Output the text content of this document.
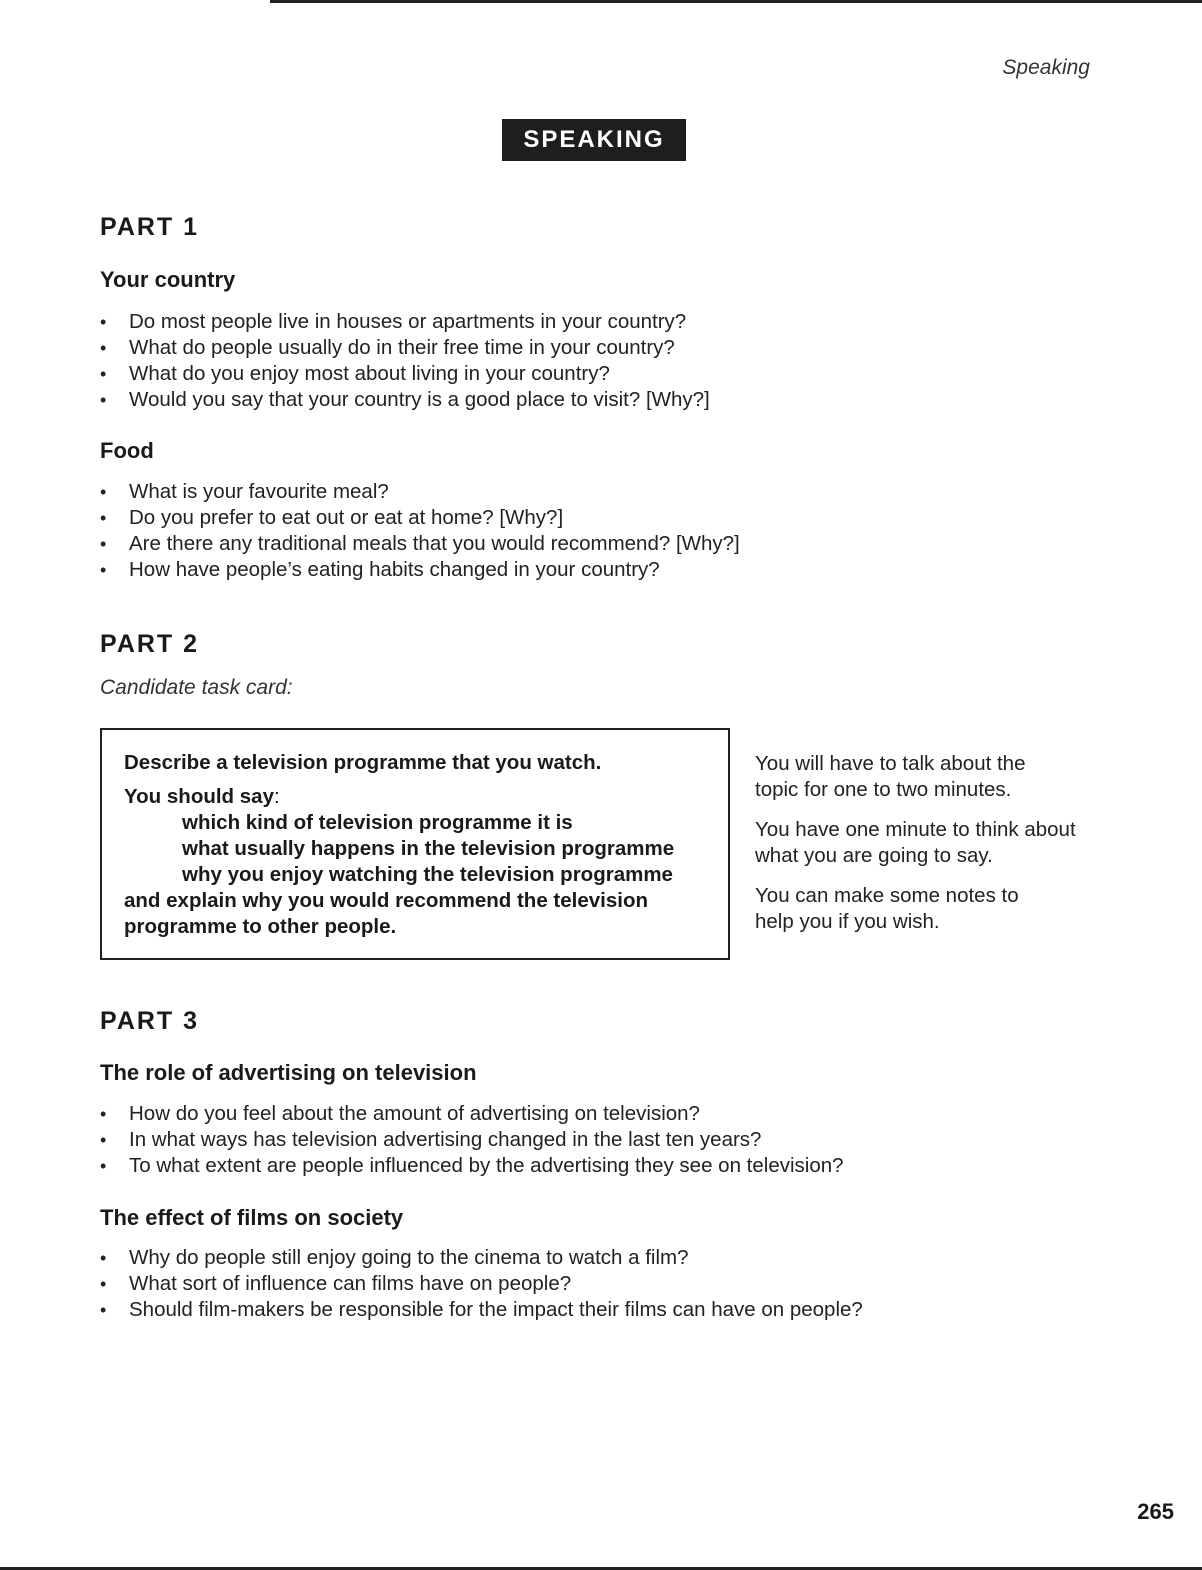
Speaking
SPEAKING
PART 1
Your country
• Do most people live in houses or apartments in your country?
• What do people usually do in their free time in your country?
• What do you enjoy most about living in your country?
• Would you say that your country is a good place to visit? [Why?]
Food
• What is your favourite meal?
• Do you prefer to eat out or eat at home? [Why?]
• Are there any traditional meals that you would recommend? [Why?]
• How have people’s eating habits changed in your country?
PART 2
Candidate task card:

Describe a television programme that you watch.

You should say:

which kind of television programme it is

what usually happens in the television programme

why you enjoy watching the television programme

and explain why you would recommend the television

programme to other people.

You will have to talk about the topic for one to two minutes.

You have one minute to think about what you are going to say.

You can make some notes to help you if you wish.

PART 3
The role of advertising on television
• How do you feel about the amount of advertising on television?
• In what ways has television advertising changed in the last ten years?
• To what extent are people influenced by the advertising they see on television?
The effect of films on society
• Why do people still enjoy going to the cinema to watch a film?
• What sort of influence can films have on people?
• Should film-makers be responsible for the impact their films can have on people?
265
